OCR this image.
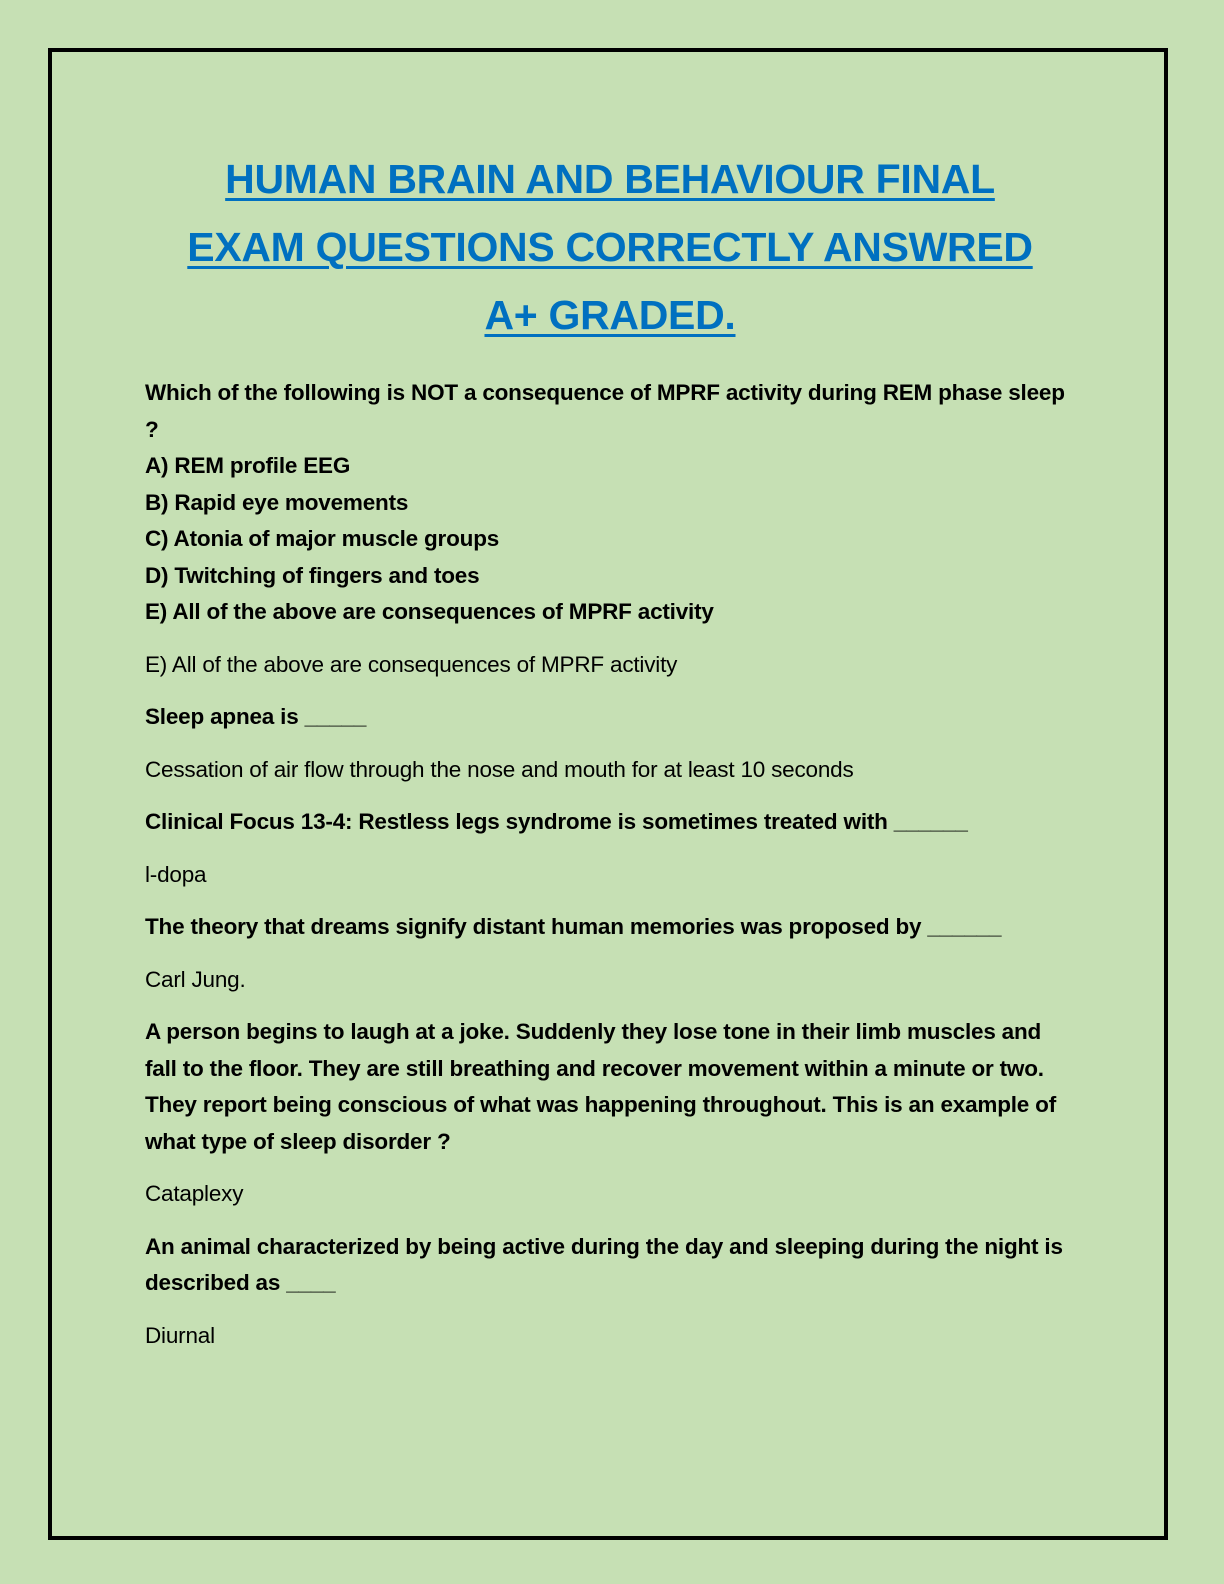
HUMAN BRAIN AND BEHAVIOUR FINAL
EXAM QUESTIONS CORRECTLY ANSWRED
A+ GRADED.
Which of the following is NOT a consequence of MPRF activity during REM phase sleep ?
A) REM profile EEG
B) Rapid eye movements
C) Atonia of major muscle groups
D) Twitching of fingers and toes
E) All of the above are consequences of MPRF activity
E) All of the above are consequences of MPRF activity
Sleep apnea is _____
Cessation of air flow through the nose and mouth for at least 10 seconds
Clinical Focus 13-4: Restless legs syndrome is sometimes treated with ______
l-dopa
The theory that dreams signify distant human memories was proposed by ______
Carl Jung.
A person begins to laugh at a joke. Suddenly they lose tone in their limb muscles and fall to the floor. They are still breathing and recover movement within a minute or two. They report being conscious of what was happening throughout. This is an example of what type of sleep disorder ?
Cataplexy
An animal characterized by being active during the day and sleeping during the night is described as ____
Diurnal
